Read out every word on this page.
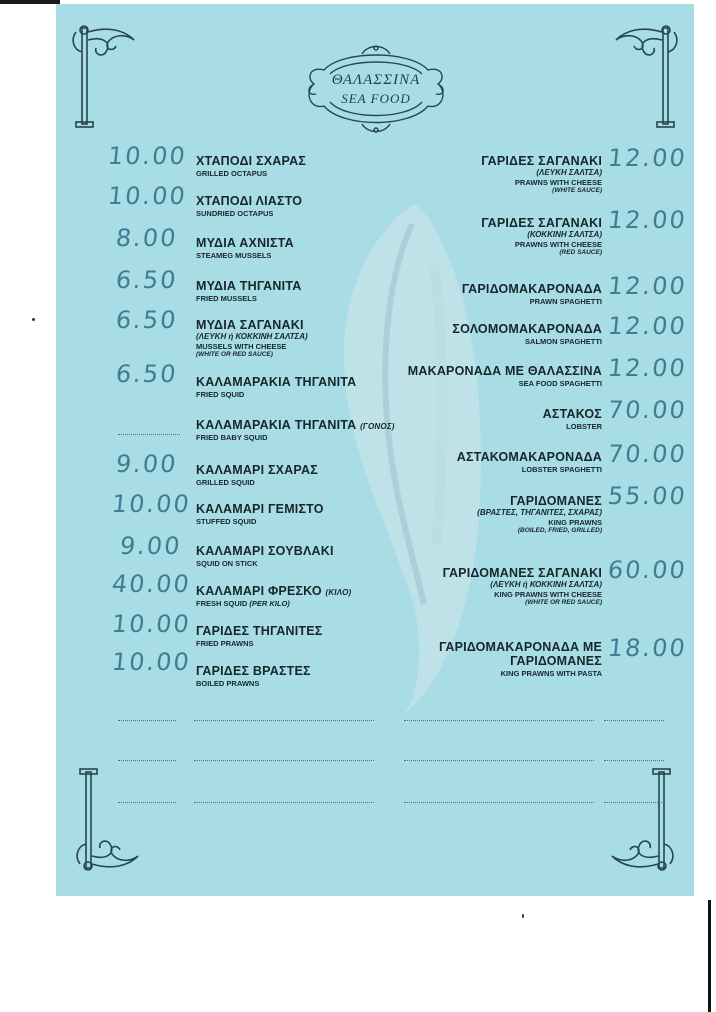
ΘΑΛΑΣΣΙΝΑ
SEA FOOD
10.00 ΧΤΑΠΟΔΙ ΣΧΑΡΑΣ
GRILLED OCTAPUS
10.00 ΧΤΑΠΟΔΙ ΛΙΑΣΤΟ
SUNDRIED OCTAPUS
8.00 ΜΥΔΙΑ ΑΧΝΙΣΤΑ
STEAMEG MUSSELS
6.50 ΜΥΔΙΑ ΤΗΓΑΝΙΤΑ
FRIED MUSSELS
6.50 ΜΥΔΙΑ ΣΑΓΑΝΑΚΙ
(ΛΕΥΚΗ ή ΚΟΚΚΙΝΗ ΣΑΛΤΣΑ)
MUSSELS WITH CHEESE
(WHITE OR RED SAUCE)
6.50 ΚΑΛΑΜΑΡΑΚΙΑ ΤΗΓΑΝΙΤΑ
FRIED SQUID
ΚΑΛΑΜΑΡΑΚΙΑ ΤΗΓΑΝΙΤΑ (ΓΟΝΟΣ)
FRIED BABY SQUID
9.00 ΚΑΛΑΜΑΡΙ ΣΧΑΡΑΣ
GRILLED SQUID
10.00 ΚΑΛΑΜΑΡΙ ΓΕΜΙΣΤΟ
STUFFED SQUID
9.00 ΚΑΛΑΜΑΡΙ ΣΟΥΒΛΑΚΙ
SQUID ON STICK
40.00 ΚΑΛΑΜΑΡΙ ΦΡΕΣΚΟ (ΚΙΛΟ)
FRESH SQUID (PER KILO)
10.00 ΓΑΡΙΔΕΣ ΤΗΓΑΝΙΤΕΣ
FRIED PRAWNS
10.00 ΓΑΡΙΔΕΣ ΒΡΑΣΤΕΣ
BOILED PRAWNS
ΓΑΡΙΔΕΣ ΣΑΓΑΝΑΚΙ
(ΛΕΥΚΗ ΣΑΛΤΣΑ)
PRAWNS WITH CHEESE
(WHITE SAUCE)
12.00
ΓΑΡΙΔΕΣ ΣΑΓΑΝΑΚΙ
(ΚΟΚΚΙΝΗ ΣΑΛΤΣΑ)
PRAWNS WITH CHEESE
(RED SAUCE)
12.00
ΓΑΡΙΔΟΜΑΚΑΡΟΝΑΔΑ
PRAWN SPAGHETTI
12.00
ΣΟΛΟΜΟΜΑΚΑΡΟΝΑΔΑ
SALMON SPAGHETTI
12.00
ΜΑΚΑΡΟΝΑΔΑ ΜΕ ΘΑΛΑΣΣΙΝΑ
SEA FOOD SPAGHETTI
12.00
ΑΣΤΑΚΟΣ
LOBSTER
70.00
ΑΣΤΑΚΟΜΑΚΑΡΟΝΑΔΑ
LOBSTER SPAGHETTI
70.00
ΓΑΡΙΔΟΜΑΝΕΣ
(ΒΡΑΣΤΕΣ, ΤΗΓΑΝΙΤΕΣ, ΣΧΑΡΑΣ)
KING PRAWNS
(BOILED, FRIED, GRILLED)
55.00
ΓΑΡΙΔΟΜΑΝΕΣ ΣΑΓΑΝΑΚΙ
(ΛΕΥΚΗ ή ΚΟΚΚΙΝΗ ΣΑΛΤΣΑ)
KING PRAWNS WITH CHEESE
(WHITE OR RED SAUCE)
60.00
ΓΑΡΙΔΟΜΑΚΑΡΟΝΑΔΑ ΜΕ
ΓΑΡΙΔΟΜΑΝΕΣ
KING PRAWNS WITH PASTA
18.00
